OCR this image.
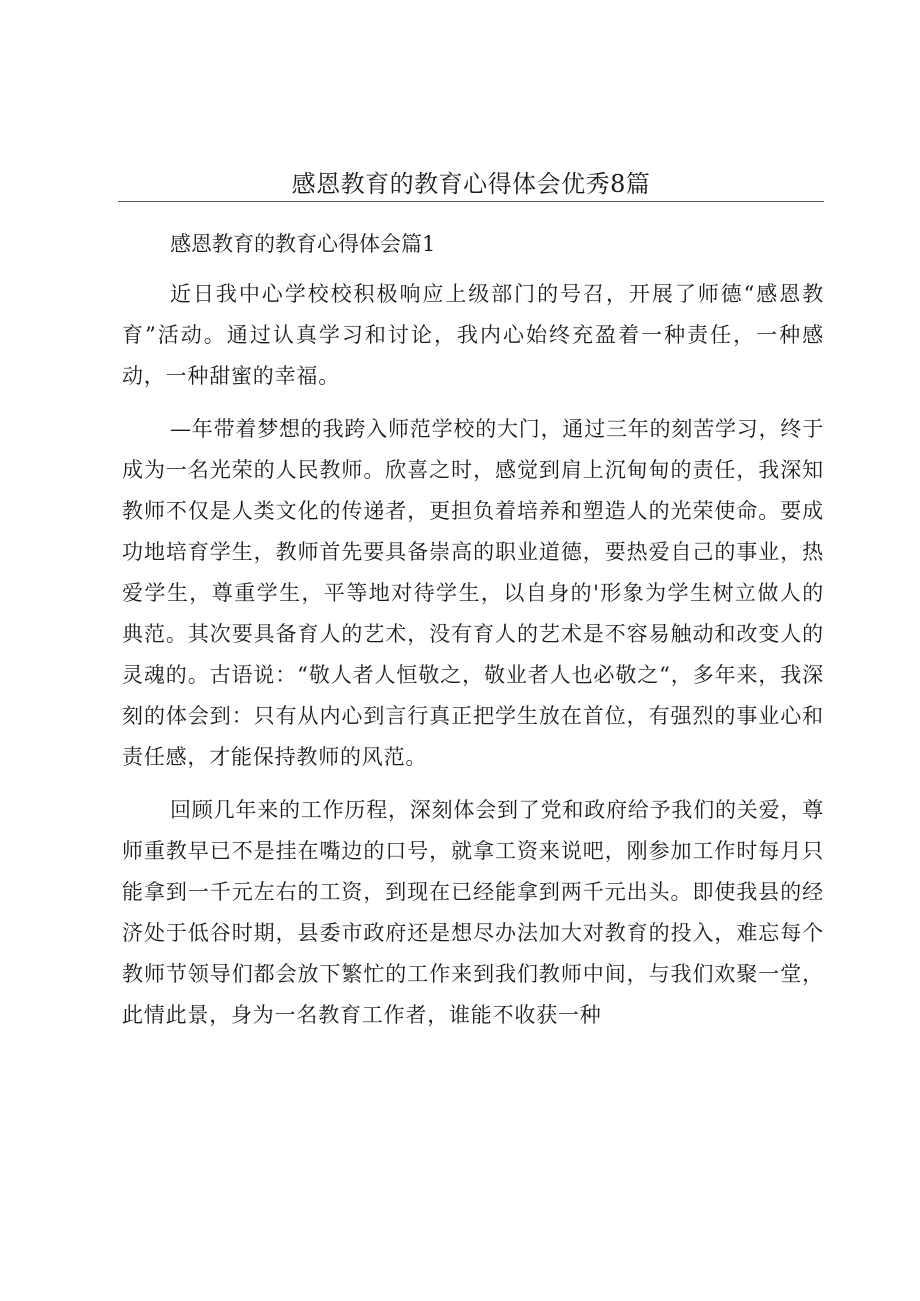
感恩教育的教育心得体会优秀8篇
感恩教育的教育心得体会篇1

近日我中心学校校积极响应上级部门的号召，开展了师德“感恩教育”活动。通过认真学习和讨论，我内心始终充盈着一种责任，一种感动，一种甜蜜的幸福。

—年带着梦想的我跨入师范学校的大门，通过三年的刻苦学习，终于成为一名光荣的人民教师。欣喜之时，感觉到肩上沉甸甸的责任，我深知教师不仅是人类文化的传递者，更担负着培养和塑造人的光荣使命。要成功地培育学生，教师首先要具备崇高的职业道德，要热爱自己的事业，热爱学生，尊重学生，平等地对待学生，以自身的'形象为学生树立做人的典范。其次要具备育人的艺术，没有育人的艺术是不容易触动和改变人的灵魂的。古语说：“敬人者人恒敬之，敬业者人也必敬之“，多年来，我深刻的体会到：只有从内心到言行真正把学生放在首位，有强烈的事业心和责任感，才能保持教师的风范。

回顾几年来的工作历程，深刻体会到了党和政府给予我们的关爱，尊师重教早已不是挂在嘴边的口号，就拿工资来说吧，刚参加工作时每月只能拿到一千元左右的工资，到现在已经能拿到两千元出头。即使我县的经济处于低谷时期，县委市政府还是想尽办法加大对教育的投入，难忘每个教师节领导们都会放下繁忙的工作来到我们教师中间，与我们欢聚一堂，此情此景，身为一名教育工作者，谁能不收获一种
